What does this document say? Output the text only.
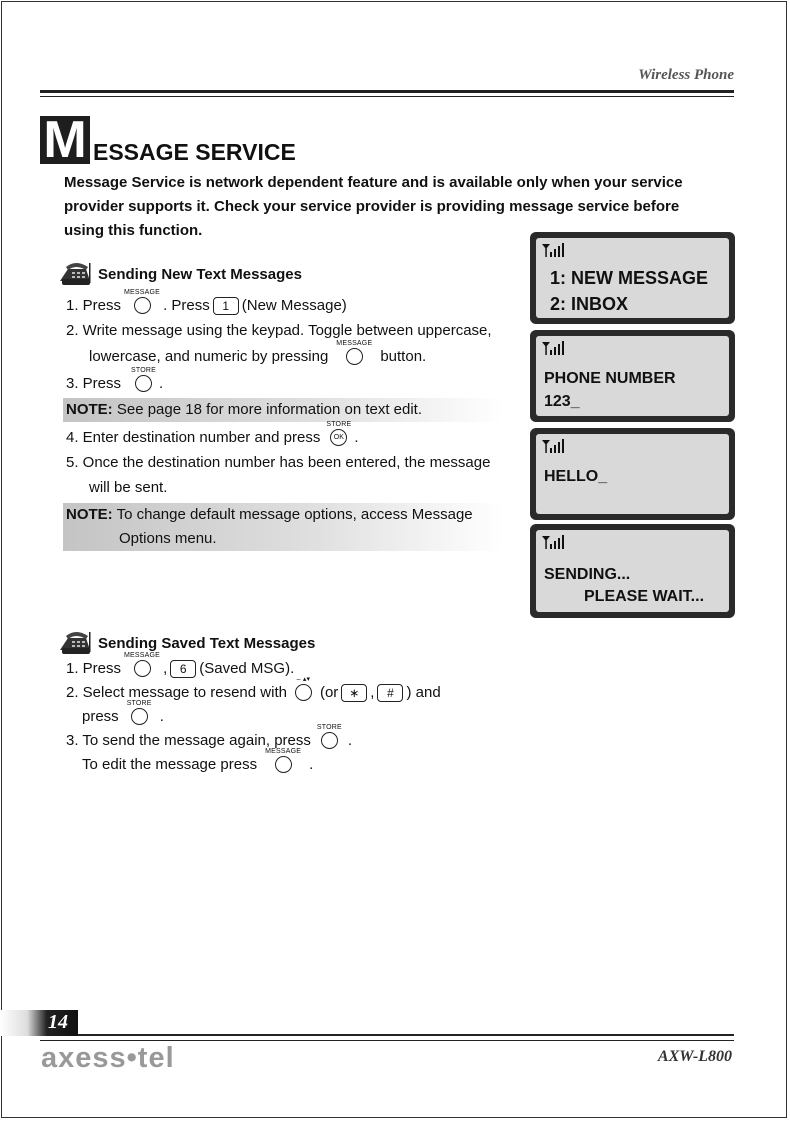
Wireless Phone
M ESSAGE SERVICE
Message Service is network dependent feature and is available only when your service provider supports it. Check your service provider is providing message service before using this function.
Sending New Text Messages
1. Press
MESSAGE
. Press	1 (New Message)
2. Write message using the keypad. Toggle between uppercase,
lowercase, and numeric by pressing
MESSAGE
button.
3. Press
STORE
.
NOTE: See page 18 for more information on text edit.
4. Enter destination number and press
STORE
OK .
5. Once the destination number has been entered, the message
will be sent.
NOTE: To change default message options, access Message
Options menu.
Sending Saved Text Messages
1. Press
MESSAGE
,	6 (Saved MSG).
2. Select message to resend with
– ▴▾
(or ∗ ,	# ) and
press
STORE
.
3. To send the message again, press
STORE
.
To edit the message press
MESSAGE
.
1: NEW MESSAGE
2: INBOX
PHONE NUMBER
123_
HELLO_
SENDING...
PLEASE WAIT...
14
axess•tel	AXW-L800
